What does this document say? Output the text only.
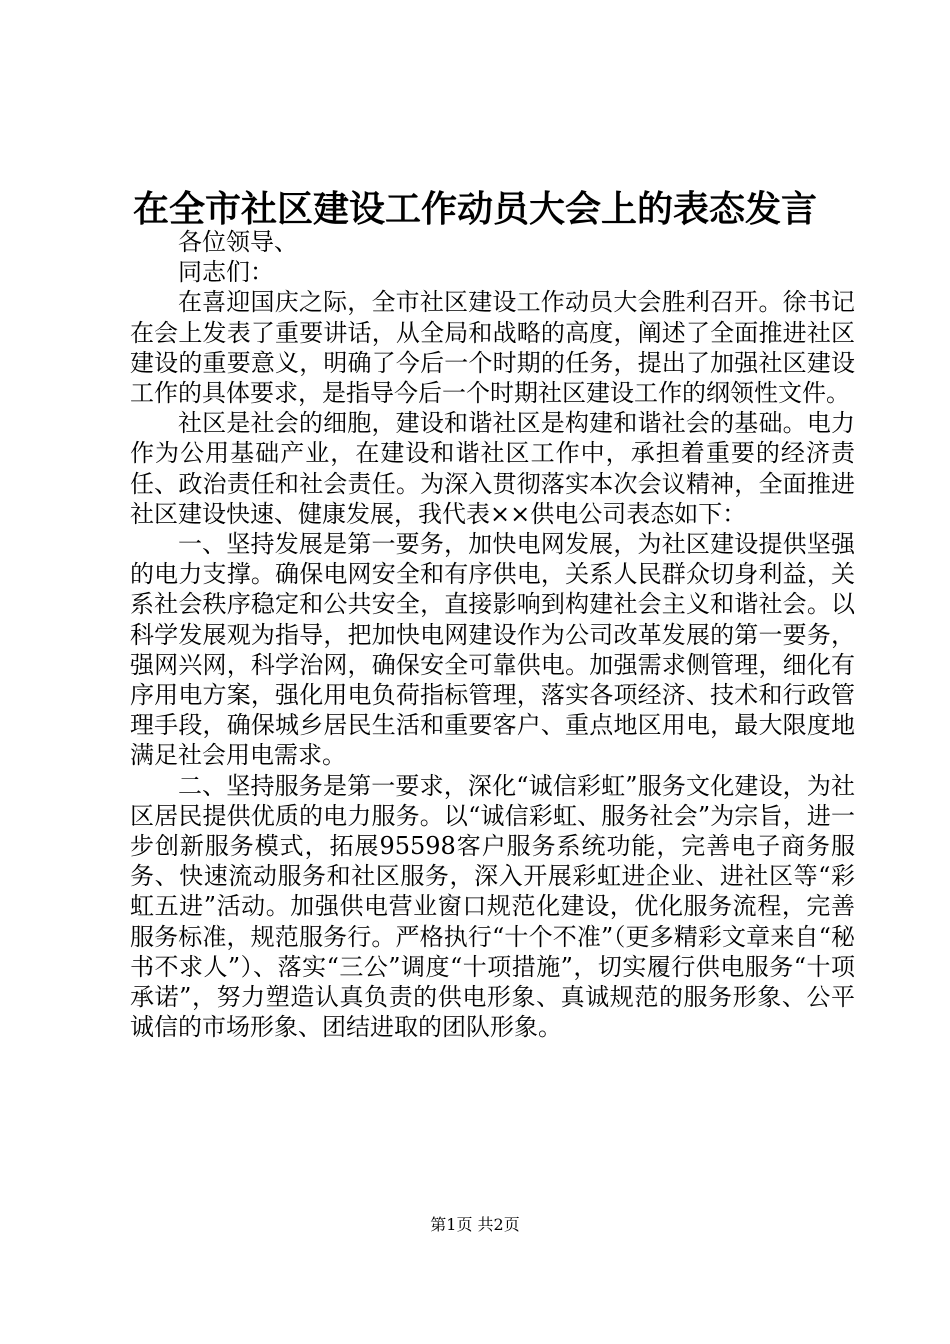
在全市社区建设工作动员大会上的表态发言

各位领导、

同志们：

在喜迎国庆之际，全市社区建设工作动员大会胜利召开。徐书记在会上发表了重要讲话，从全局和战略的高度，阐述了全面推进社区建设的重要意义，明确了今后一个时期的任务，提出了加强社区建设工作的具体要求，是指导今后一个时期社区建设工作的纲领性文件。

社区是社会的细胞，建设和谐社区是构建和谐社会的基础。电力作为公用基础产业，在建设和谐社区工作中，承担着重要的经济责任、政治责任和社会责任。为深入贯彻落实本次会议精神，全面推进社区建设快速、健康发展，我代表××供电公司表态如下：

一、坚持发展是第一要务，加快电网发展，为社区建设提供坚强的电力支撑。确保电网安全和有序供电，关系人民群众切身利益，关系社会秩序稳定和公共安全，直接影响到构建社会主义和谐社会。以科学发展观为指导，把加快电网建设作为公司改革发展的第一要务，强网兴网，科学治网，确保安全可靠供电。加强需求侧管理，细化有序用电方案，强化用电负荷指标管理，落实各项经济、技术和行政管理手段，确保城乡居民生活和重要客户、重点地区用电，最大限度地满足社会用电需求。

二、坚持服务是第一要求，深化“诚信彩虹”服务文化建设，为社区居民提供优质的电力服务。以“诚信彩虹、服务社会”为宗旨，进一步创新服务模式，拓展95598客户服务系统功能，完善电子商务服务、快速流动服务和社区服务，深入开展彩虹进企业、进社区等“彩虹五进”活动。加强供电营业窗口规范化建设，优化服务流程，完善服务标准，规范服务行。严格执行“十个不准”（更多精彩文章来自“秘书不求人”）、落实“三公”调度“十项措施”，切实履行供电服务“十项承诺”，努力塑造认真负责的供电形象、真诚规范的服务形象、公平诚信的市场形象、团结进取的团队形象。

第1页 共2页
